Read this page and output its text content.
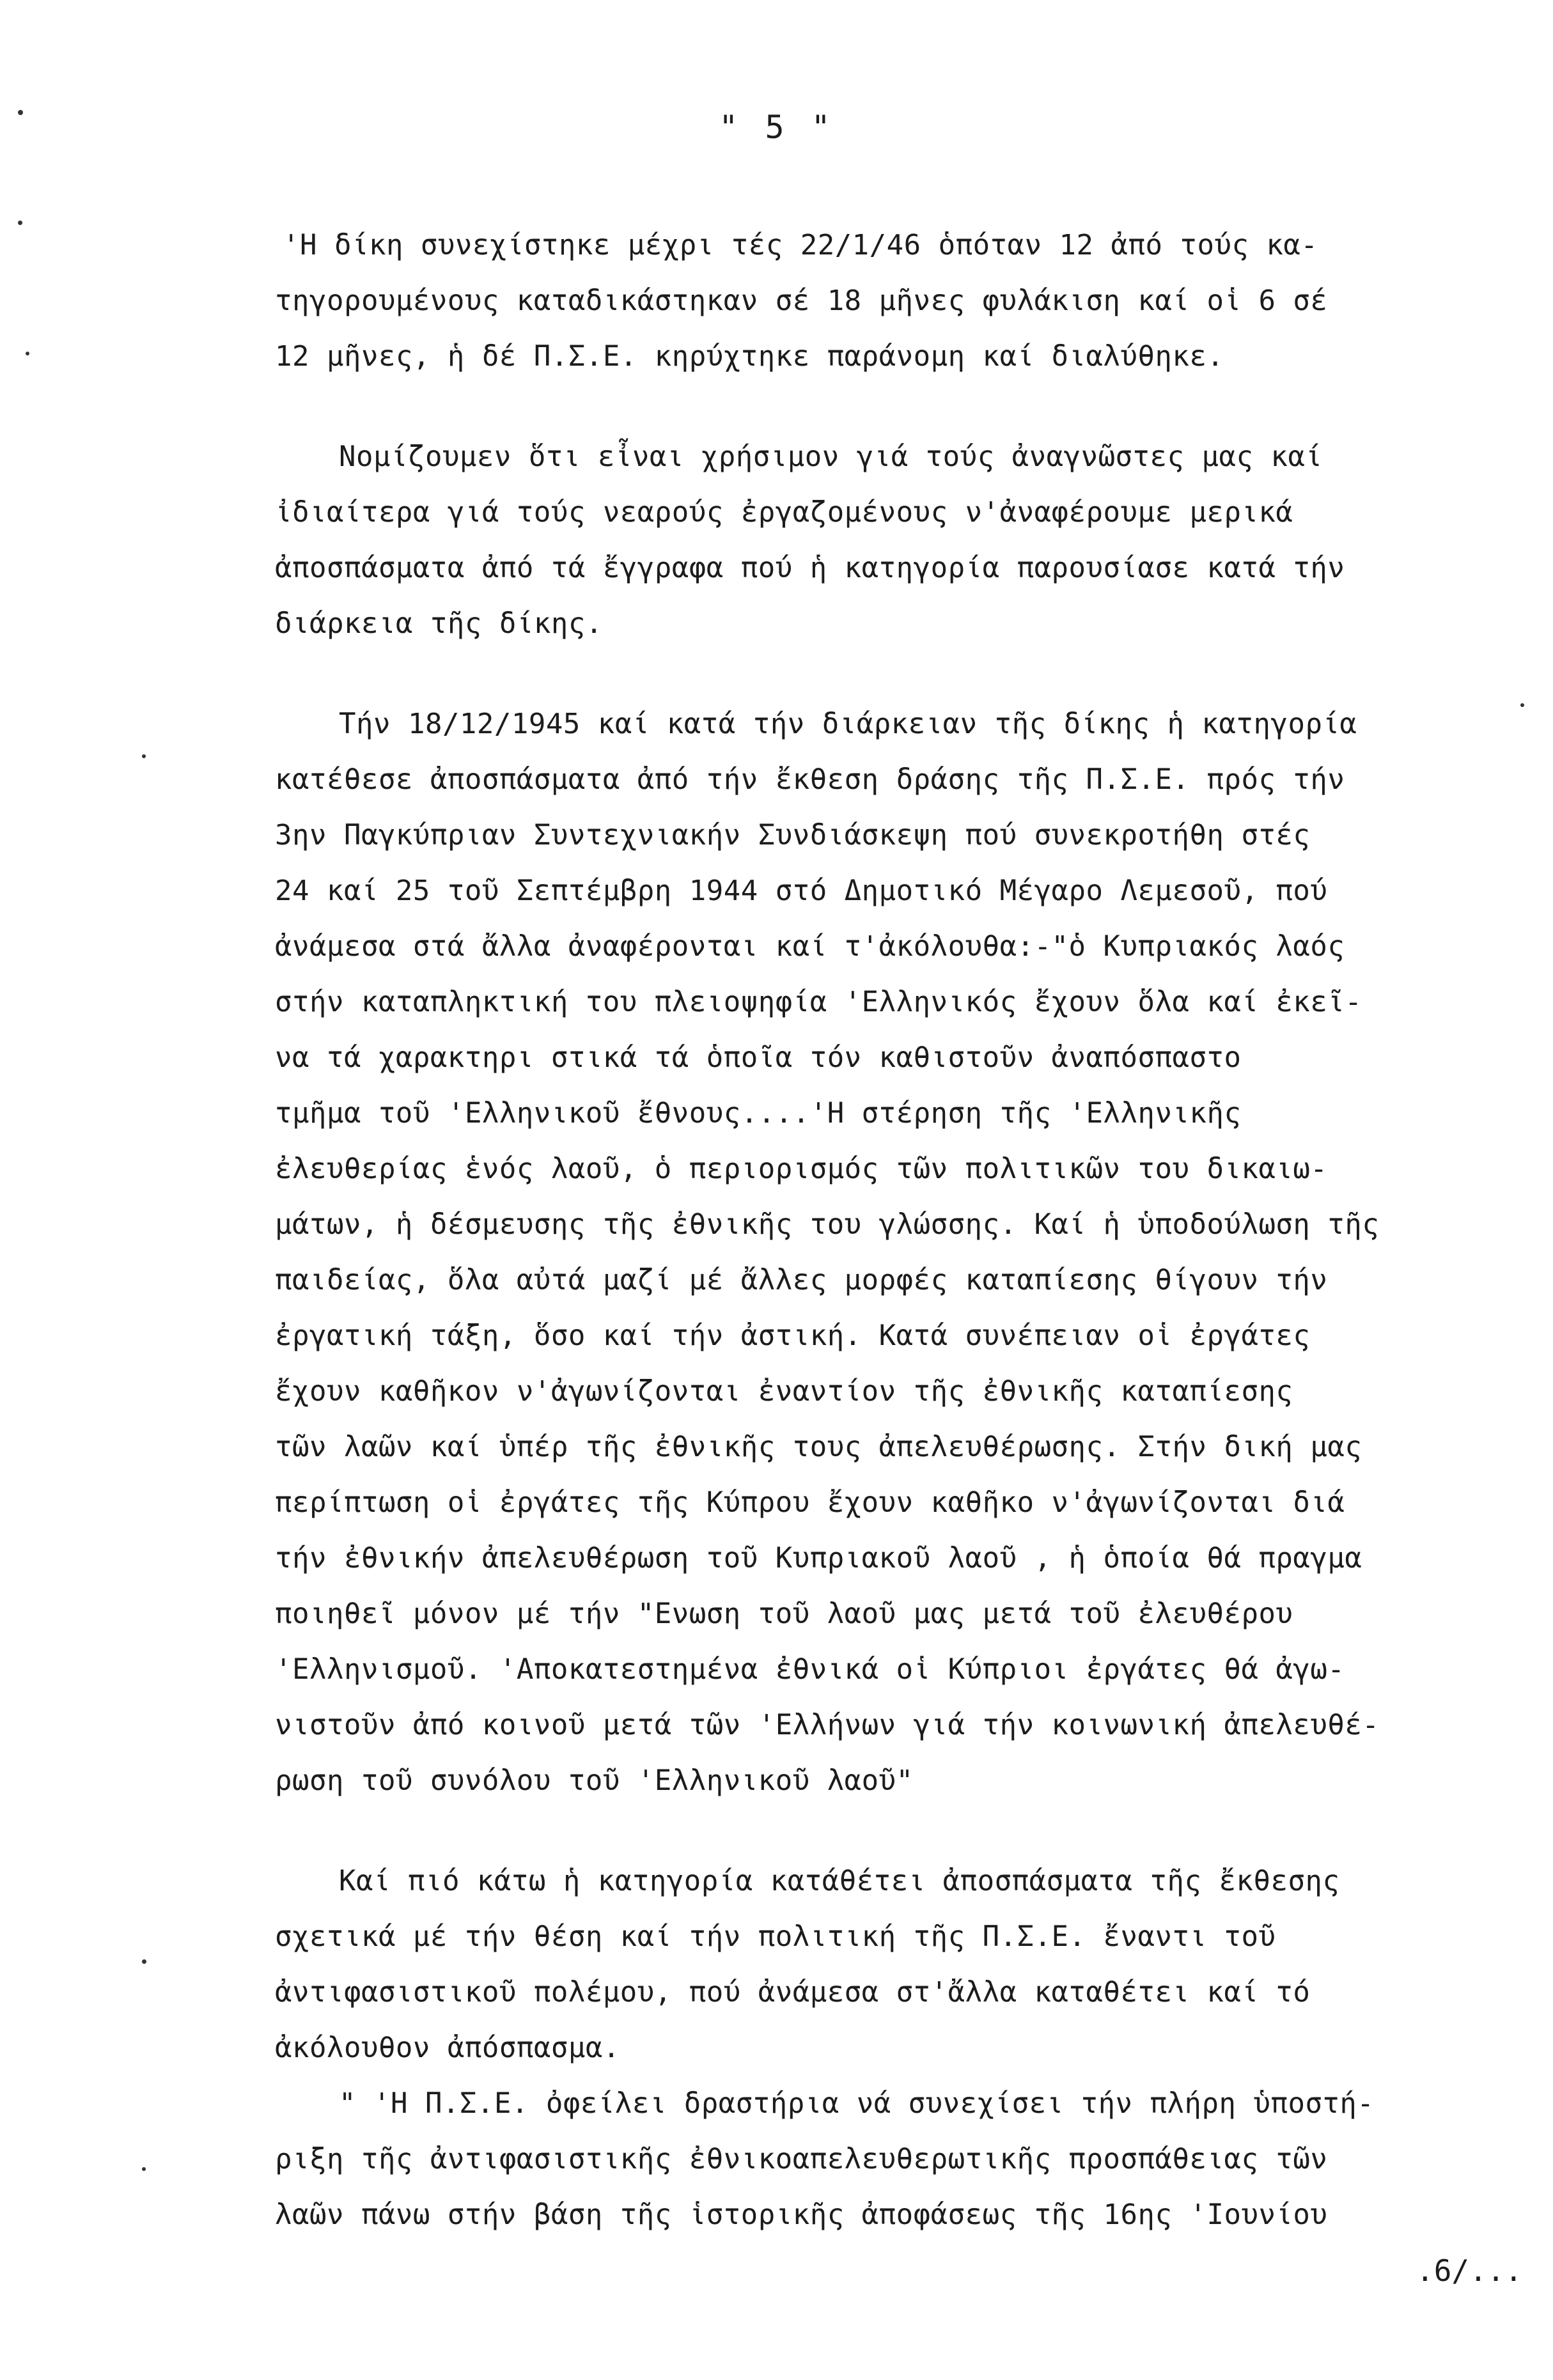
" 5 "
'Η δίκη συνεχίστηκε μέχρι τές 22/1/46 ὁπόταν 12 ἀπό τούς κα-
τηγορουμένους καταδικάστηκαν σέ 18 μῆνες φυλάκιση καί οἱ 6 σέ
12 μῆνες, ἡ δέ Π.Σ.Ε. κηρύχτηκε παράνομη καί διαλύθηκε.
Νομίζουμεν ὅτι εἶναι χρήσιμον γιά τούς ἀναγνῶστες μας καί
ἰδιαίτερα γιά τούς νεαρούς ἐργαζομένους ν'ἀναφέρουμε μερικά
ἀποσπάσματα ἀπό τά ἔγγραφα πού ἡ κατηγορία παρουσίασε κατά τήν
διάρκεια τῆς δίκης.
Τήν 18/12/1945 καί κατά τήν διάρκειαν τῆς δίκης ἡ κατηγορία
κατέθεσε ἀποσπάσματα ἀπό τήν ἔκθεση δράσης τῆς Π.Σ.Ε. πρός τήν
3ην Παγκύπριαν Συντεχνιακήν Συνδιάσκεψη πού συνεκροτήθη στές
24 καί 25 τοῦ Σεπτέμβρη 1944 στό Δημοτικό Μέγαρο Λεμεσοῦ, πού
ἀνάμεσα στά ἄλλα ἀναφέρονται καί τ'ἀκόλουθα:-"ὁ Κυπριακός λαός
στήν καταπληκτική του πλειοψηφία 'Ελληνικός ἔχουν ὅλα καί ἐκεῖ-
να τά χαρακτηρι στικά τά ὁποῖα τόν καθιστοῦν ἀναπόσπαστο
τμῆμα τοῦ 'Ελληνικοῦ ἔθνους....'Η στέρηση τῆς 'Ελληνικῆς
ἐλευθερίας ἑνός λαοῦ, ὁ περιορισμός τῶν πολιτικῶν του δικαιω-
μάτων, ἡ δέσμευσης τῆς ἐθνικῆς του γλώσσης. Καί ἡ ὑποδούλωση τῆς
παιδείας, ὅλα αὐτά μαζί μέ ἄλλες μορφές καταπίεσης θίγουν τήν
ἐργατική τάξη, ὅσο καί τήν ἀστική. Κατά συνέπειαν οἱ ἐργάτες
ἔχουν καθῆκον ν'ἀγωνίζονται ἐναντίον τῆς ἐθνικῆς καταπίεσης
τῶν λαῶν καί ὑπέρ τῆς ἐθνικῆς τους ἀπελευθέρωσης. Στήν δική μας
περίπτωση οἱ ἐργάτες τῆς Κύπρου ἔχουν καθῆκο ν'ἀγωνίζονται διά
τήν ἐθνικήν ἀπελευθέρωση τοῦ Κυπριακοῦ λαοῦ , ἡ ὁποία θά πραγμα
ποιηθεῖ μόνον μέ τήν "Ενωση τοῦ λαοῦ μας μετά τοῦ ἐλευθέρου
'Ελληνισμοῦ. 'Αποκατεστημένα ἐθνικά οἱ Κύπριοι ἐργάτες θά ἀγω-
νιστοῦν ἀπό κοινοῦ μετά τῶν 'Ελλήνων γιά τήν κοινωνική ἀπελευθέ-
ρωση τοῦ συνόλου τοῦ 'Ελληνικοῦ λαοῦ"
Καί πιό κάτω ἡ κατηγορία κατάθέτει ἀποσπάσματα τῆς ἔκθεσης
σχετικά μέ τήν θέση καί τήν πολιτική τῆς Π.Σ.Ε. ἔναντι τοῦ
ἀντιφασιστικοῦ πολέμου, πού ἀνάμεσα στ'ἄλλα καταθέτει καί τό
ἀκόλουθον ἀπόσπασμα.
" 'Η Π.Σ.Ε. ὀφείλει δραστήρια νά συνεχίσει τήν πλήρη ὑποστή-
ριξη τῆς ἀντιφασιστικῆς ἐθνικοαπελευθερωτικῆς προσπάθειας τῶν
λαῶν πάνω στήν βάση τῆς ἱστορικῆς ἀποφάσεως τῆς 16ης 'Ιουνίου
.6/...
